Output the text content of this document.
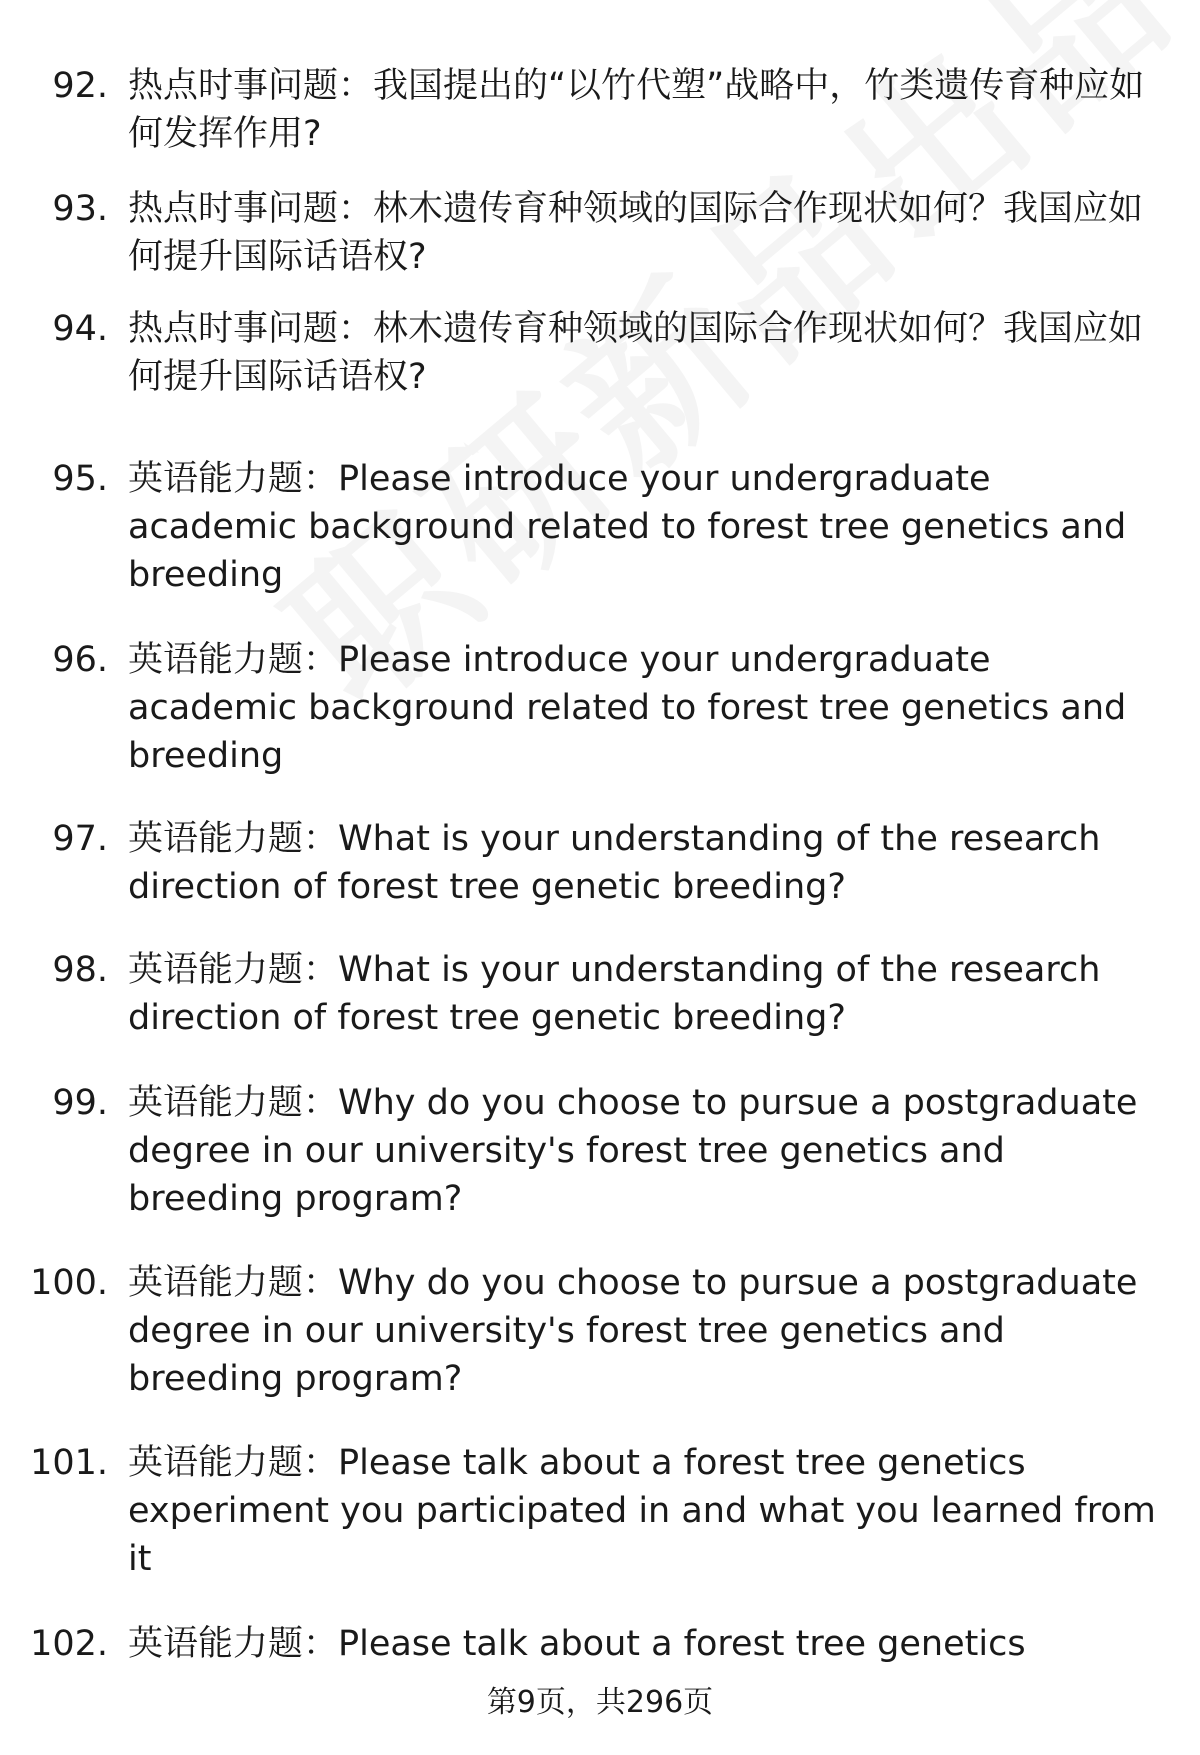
92. 热点时事问题：我国提出的“以竹代塑”战略中，竹类遗传育种应如何发挥作用?
93. 热点时事问题：林木遗传育种领域的国际合作现状如何？我国应如何提升国际话语权?
94. 热点时事问题：林木遗传育种领域的国际合作现状如何？我国应如何提升国际话语权?
95. 英语能力题：Please introduce your undergraduate academic background related to forest tree genetics and breeding
96. 英语能力题：Please introduce your undergraduate academic background related to forest tree genetics and breeding
97. 英语能力题：What is your understanding of the research direction of forest tree genetic breeding?
98. 英语能力题：What is your understanding of the research direction of forest tree genetic breeding?
99. 英语能力题：Why do you choose to pursue a postgraduate degree in our university's forest tree genetics and breeding program?
100. 英语能力题：Why do you choose to pursue a postgraduate degree in our university's forest tree genetics and breeding program?
101. 英语能力题：Please talk about a forest tree genetics experiment you participated in and what you learned from it
102. 英语能力题：Please talk about a forest tree genetics
第9页，共296页
